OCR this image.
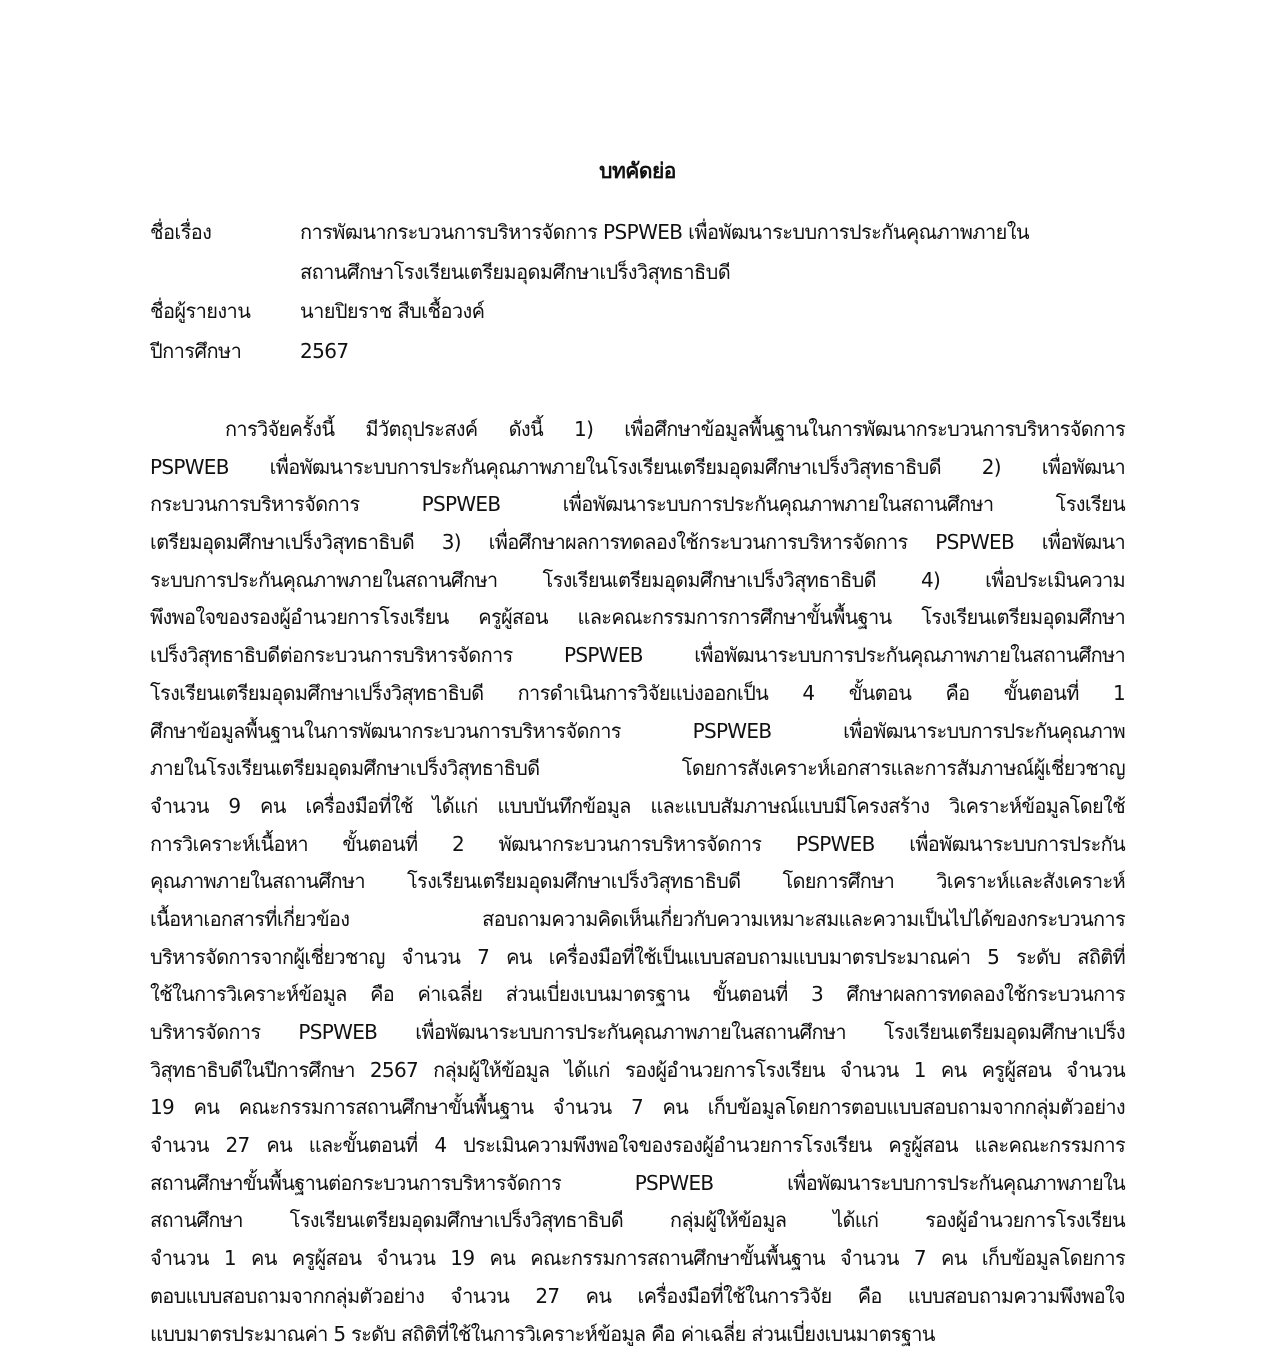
บทคัดย่อ
ชื่อเรื่อง	การพัฒนากระบวนการบริหารจัดการ PSPWEB เพื่อพัฒนาระบบการประกันคุณภาพภายใน
สถานศึกษาโรงเรียนเตรียมอุดมศึกษาเปร็งวิสุทธาธิบดี
ชื่อผู้รายงาน	นายปิยราช สืบเชื้อวงค์
ปีการศึกษา	2567
การวิจัยครั้งนี้ มีวัตถุประสงค์ ดังนี้ 1) เพื่อศึกษาข้อมูลพื้นฐานในการพัฒนากระบวนการบริหารจัดการ
PSPWEB เพื่อพัฒนาระบบการประกันคุณภาพภายในโรงเรียนเตรียมอุดมศึกษาเปร็งวิสุทธาธิบดี 2) เพื่อพัฒนา
กระบวนการบริหารจัดการ PSPWEB เพื่อพัฒนาระบบการประกันคุณภาพภายในสถานศึกษา โรงเรียน
เตรียมอุดมศึกษาเปร็งวิสุทธาธิบดี 3) เพื่อศึกษาผลการทดลองใช้กระบวนการบริหารจัดการ PSPWEB เพื่อพัฒนา
ระบบการประกันคุณภาพภายในสถานศึกษา โรงเรียนเตรียมอุดมศึกษาเปร็งวิสุทธาธิบดี 4) เพื่อประเมินความ
พึงพอใจของรองผู้อำนวยการโรงเรียน ครูผู้สอน และคณะกรรมการการศึกษาขั้นพื้นฐาน โรงเรียนเตรียมอุดมศึกษา
เปร็งวิสุทธาธิบดีต่อกระบวนการบริหารจัดการ PSPWEB เพื่อพัฒนาระบบการประกันคุณภาพภายในสถานศึกษา
โรงเรียนเตรียมอุดมศึกษาเปร็งวิสุทธาธิบดี การดำเนินการวิจัยแบ่งออกเป็น 4 ขั้นตอน คือ ขั้นตอนที่ 1
ศึกษาข้อมูลพื้นฐานในการพัฒนากระบวนการบริหารจัดการ PSPWEB เพื่อพัฒนาระบบการประกันคุณภาพ
ภายในโรงเรียนเตรียมอุดมศึกษาเปร็งวิสุทธาธิบดี โดยการสังเคราะห์เอกสารและการสัมภาษณ์ผู้เชี่ยวชาญ
จำนวน 9 คน เครื่องมือที่ใช้ ได้แก่ แบบบันทึกข้อมูล และแบบสัมภาษณ์แบบมีโครงสร้าง วิเคราะห์ข้อมูลโดยใช้
การวิเคราะห์เนื้อหา ขั้นตอนที่ 2 พัฒนากระบวนการบริหารจัดการ PSPWEB เพื่อพัฒนาระบบการประกัน
คุณภาพภายในสถานศึกษา โรงเรียนเตรียมอุดมศึกษาเปร็งวิสุทธาธิบดี โดยการศึกษา วิเคราะห์และสังเคราะห์
เนื้อหาเอกสารที่เกี่ยวข้อง สอบถามความคิดเห็นเกี่ยวกับความเหมาะสมและความเป็นไปได้ของกระบวนการ
บริหารจัดการจากผู้เชี่ยวชาญ จำนวน 7 คน เครื่องมือที่ใช้เป็นแบบสอบถามแบบมาตรประมาณค่า 5 ระดับ สถิติที่
ใช้ในการวิเคราะห์ข้อมูล คือ ค่าเฉลี่ย ส่วนเบี่ยงเบนมาตรฐาน ขั้นตอนที่ 3 ศึกษาผลการทดลองใช้กระบวนการ
บริหารจัดการ PSPWEB เพื่อพัฒนาระบบการประกันคุณภาพภายในสถานศึกษา โรงเรียนเตรียมอุดมศึกษาเปร็ง
วิสุทธาธิบดีในปีการศึกษา 2567 กลุ่มผู้ให้ข้อมูล ได้แก่ รองผู้อำนวยการโรงเรียน จำนวน 1 คน ครูผู้สอน จำนวน
19 คน คณะกรรมการสถานศึกษาขั้นพื้นฐาน จำนวน 7 คน เก็บข้อมูลโดยการตอบแบบสอบถามจากกลุ่มตัวอย่าง
จำนวน 27 คน และขั้นตอนที่ 4 ประเมินความพึงพอใจของรองผู้อำนวยการโรงเรียน ครูผู้สอน และคณะกรรมการ
สถานศึกษาขั้นพื้นฐานต่อกระบวนการบริหารจัดการ PSPWEB เพื่อพัฒนาระบบการประกันคุณภาพภายใน
สถานศึกษา โรงเรียนเตรียมอุดมศึกษาเปร็งวิสุทธาธิบดี กลุ่มผู้ให้ข้อมูล ได้แก่ รองผู้อำนวยการโรงเรียน
จำนวน 1 คน ครูผู้สอน จำนวน 19 คน คณะกรรมการสถานศึกษาขั้นพื้นฐาน จำนวน 7 คน เก็บข้อมูลโดยการ
ตอบแบบสอบถามจากกลุ่มตัวอย่าง จำนวน 27 คน เครื่องมือที่ใช้ในการวิจัย คือ แบบสอบถามความพึงพอใจ
แบบมาตรประมาณค่า 5 ระดับ สถิติที่ใช้ในการวิเคราะห์ข้อมูล คือ ค่าเฉลี่ย ส่วนเบี่ยงเบนมาตรฐาน
